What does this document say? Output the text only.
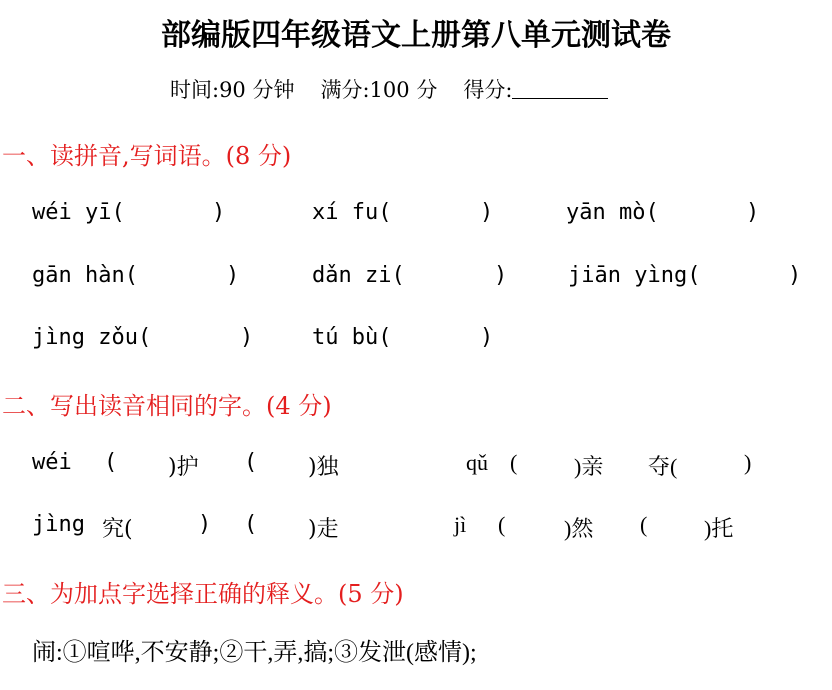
部编版四年级语文上册第八单元测试卷
时间:90 分钟 满分:100 分 得分:
一、读拼音,写词语。(8 分)
wéi yī(	)	xí fu(	)	yān mò(	)
gān hàn(	)	dǎn zi(	)	jiān yìng(	)
jìng zǒu(	)	tú bù(	)
二、写出读音相同的字。(4 分)
wéi ( )护 ( )独	qǔ (	)亲 夺(	)
jìng 究(	) ( )走	jì (	)然 (	)托
三、为加点字选择正确的释义。(5 分)
闹:①喧哗,不安静;②干,弄,搞;③发泄(感情);
